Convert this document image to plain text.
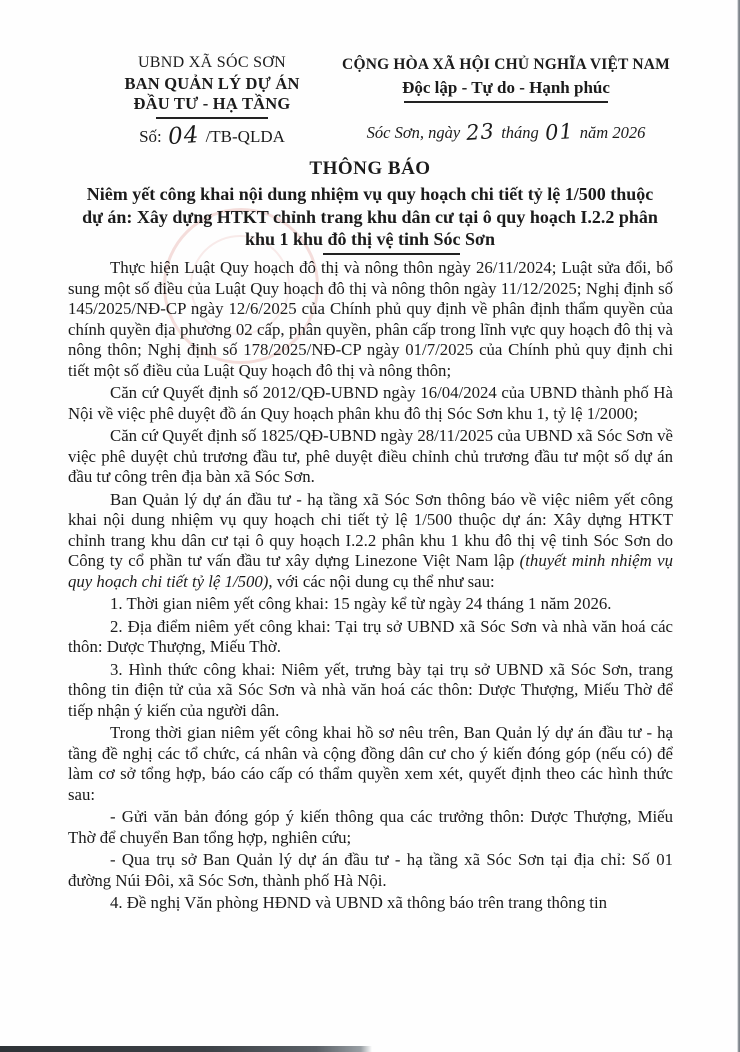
UBND XÃ SÓC SƠN
BAN QUẢN LÝ DỰ ÁN
ĐẦU TƯ - HẠ TẦNG
Số: 04 /TB-QLDA
CỘNG HÒA XÃ HỘI CHỦ NGHĨA VIỆT NAM
Độc lập - Tự do - Hạnh phúc
Sóc Sơn, ngày 23 tháng 01 năm 2026
THÔNG BÁO
Niêm yết công khai nội dung nhiệm vụ quy hoạch chi tiết tỷ lệ 1/500 thuộc
dự án: Xây dựng HTKT chỉnh trang khu dân cư tại ô quy hoạch I.2.2 phân
khu 1 khu đô thị vệ tinh Sóc Sơn

Thực hiện Luật Quy hoạch đô thị và nông thôn ngày 26/11/2024; Luật sửa đổi, bổ sung một số điều của Luật Quy hoạch đô thị và nông thôn ngày 11/12/2025; Nghị định số 145/2025/NĐ-CP ngày 12/6/2025 của Chính phủ quy định về phân định thẩm quyền của chính quyền địa phương 02 cấp, phân quyền, phân cấp trong lĩnh vực quy hoạch đô thị và nông thôn; Nghị định số 178/2025/NĐ-CP ngày 01/7/2025 của Chính phủ quy định chi tiết một số điều của Luật Quy hoạch đô thị và nông thôn;

Căn cứ Quyết định số 2012/QĐ-UBND ngày 16/04/2024 của UBND thành phố Hà Nội về việc phê duyệt đồ án Quy hoạch phân khu đô thị Sóc Sơn khu 1, tỷ lệ 1/2000;

Căn cứ Quyết định số 1825/QĐ-UBND ngày 28/11/2025 của UBND xã Sóc Sơn về việc phê duyệt chủ trương đầu tư, phê duyệt điều chỉnh chủ trương đầu tư một số dự án đầu tư công trên địa bàn xã Sóc Sơn.

Ban Quản lý dự án đầu tư - hạ tầng xã Sóc Sơn thông báo về việc niêm yết công khai nội dung nhiệm vụ quy hoạch chi tiết tỷ lệ 1/500 thuộc dự án: Xây dựng HTKT chỉnh trang khu dân cư tại ô quy hoạch I.2.2 phân khu 1 khu đô thị vệ tinh Sóc Sơn do Công ty cổ phần tư vấn đầu tư xây dựng Linezone Việt Nam lập (thuyết minh nhiệm vụ quy hoạch chi tiết tỷ lệ 1/500), với các nội dung cụ thể như sau:

1. Thời gian niêm yết công khai: 15 ngày kể từ ngày 24 tháng 1 năm 2026.

2. Địa điểm niêm yết công khai: Tại trụ sở UBND xã Sóc Sơn và nhà văn hoá các thôn: Dược Thượng, Miếu Thờ.

3. Hình thức công khai: Niêm yết, trưng bày tại trụ sở UBND xã Sóc Sơn, trang thông tin điện tử của xã Sóc Sơn và nhà văn hoá các thôn: Dược Thượng, Miếu Thờ để tiếp nhận ý kiến của người dân.

Trong thời gian niêm yết công khai hồ sơ nêu trên, Ban Quản lý dự án đầu tư - hạ tầng đề nghị các tổ chức, cá nhân và cộng đồng dân cư cho ý kiến đóng góp (nếu có) để làm cơ sở tổng hợp, báo cáo cấp có thẩm quyền xem xét, quyết định theo các hình thức sau:

- Gửi văn bản đóng góp ý kiến thông qua các trưởng thôn: Dược Thượng, Miếu Thờ để chuyển Ban tổng hợp, nghiên cứu;

- Qua trụ sở Ban Quản lý dự án đầu tư - hạ tầng xã Sóc Sơn tại địa chỉ: Số 01 đường Núi Đôi, xã Sóc Sơn, thành phố Hà Nội.

4. Đề nghị Văn phòng HĐND và UBND xã thông báo trên trang thông tin
